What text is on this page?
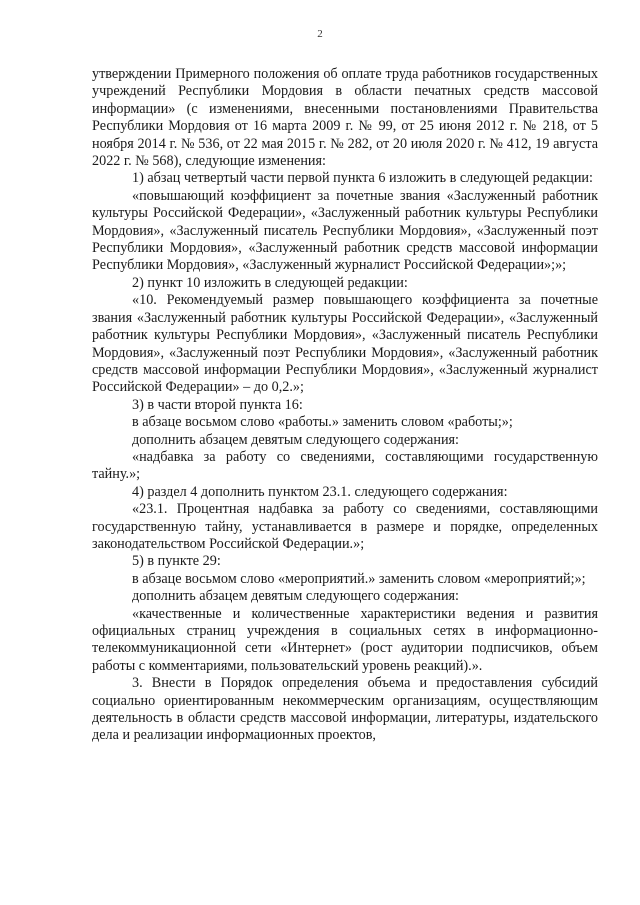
2

утверждении Примерного положения об оплате труда работников государственных учреждений Республики Мордовия в области печатных средств массовой информации» (с изменениями, внесенными постановлениями Правительства Республики Мордовия от 16 марта 2009 г. № 99, от 25 июня 2012 г. № 218, от 5 ноября 2014 г. № 536, от 22 мая 2015 г. № 282, от 20 июля 2020 г. № 412, 19 августа 2022 г. № 568), следующие изменения:

1) абзац четвертый части первой пункта 6 изложить в следующей редакции:

«повышающий коэффициент за почетные звания «Заслуженный работник культуры Российской Федерации», «Заслуженный работник культуры Республики Мордовия», «Заслуженный писатель Республики Мордовия», «Заслуженный поэт Республики Мордовия», «Заслуженный работник средств массовой информации Республики Мордовия», «Заслуженный журналист Российской Федерации»;»;

2) пункт 10 изложить в следующей редакции:

«10. Рекомендуемый размер повышающего коэффициента за почетные звания «Заслуженный работник культуры Российской Федерации», «Заслуженный работник культуры Республики Мордовия», «Заслуженный писатель Республики Мордовия», «Заслуженный поэт Республики Мордовия», «Заслуженный работник средств массовой информации Республики Мордовия», «Заслуженный журналист Российской Федерации» – до 0,2.»;

3) в части второй пункта 16:

в абзаце восьмом слово «работы.» заменить словом «работы;»;

дополнить абзацем девятым следующего содержания:

«надбавка за работу со сведениями, составляющими государственную тайну.»;

4) раздел 4 дополнить пунктом 23.1. следующего содержания:

«23.1. Процентная надбавка за работу со сведениями, составляющими государственную тайну, устанавливается в размере и порядке, определенных законодательством Российской Федерации.»;

5) в пункте 29:

в абзаце восьмом слово «мероприятий.» заменить словом «мероприятий;»;

дополнить абзацем девятым следующего содержания:

«качественные и количественные характеристики ведения и развития официальных страниц учреждения в социальных сетях в информационно-телекоммуникационной сети «Интернет» (рост аудитории подписчиков, объем работы с комментариями, пользовательский уровень реакций).».

3. Внести в Порядок определения объема и предоставления субсидий социально ориентированным некоммерческим организациям, осуществляющим деятельность в области средств массовой информации, литературы, издательского дела и реализации информационных проектов,
